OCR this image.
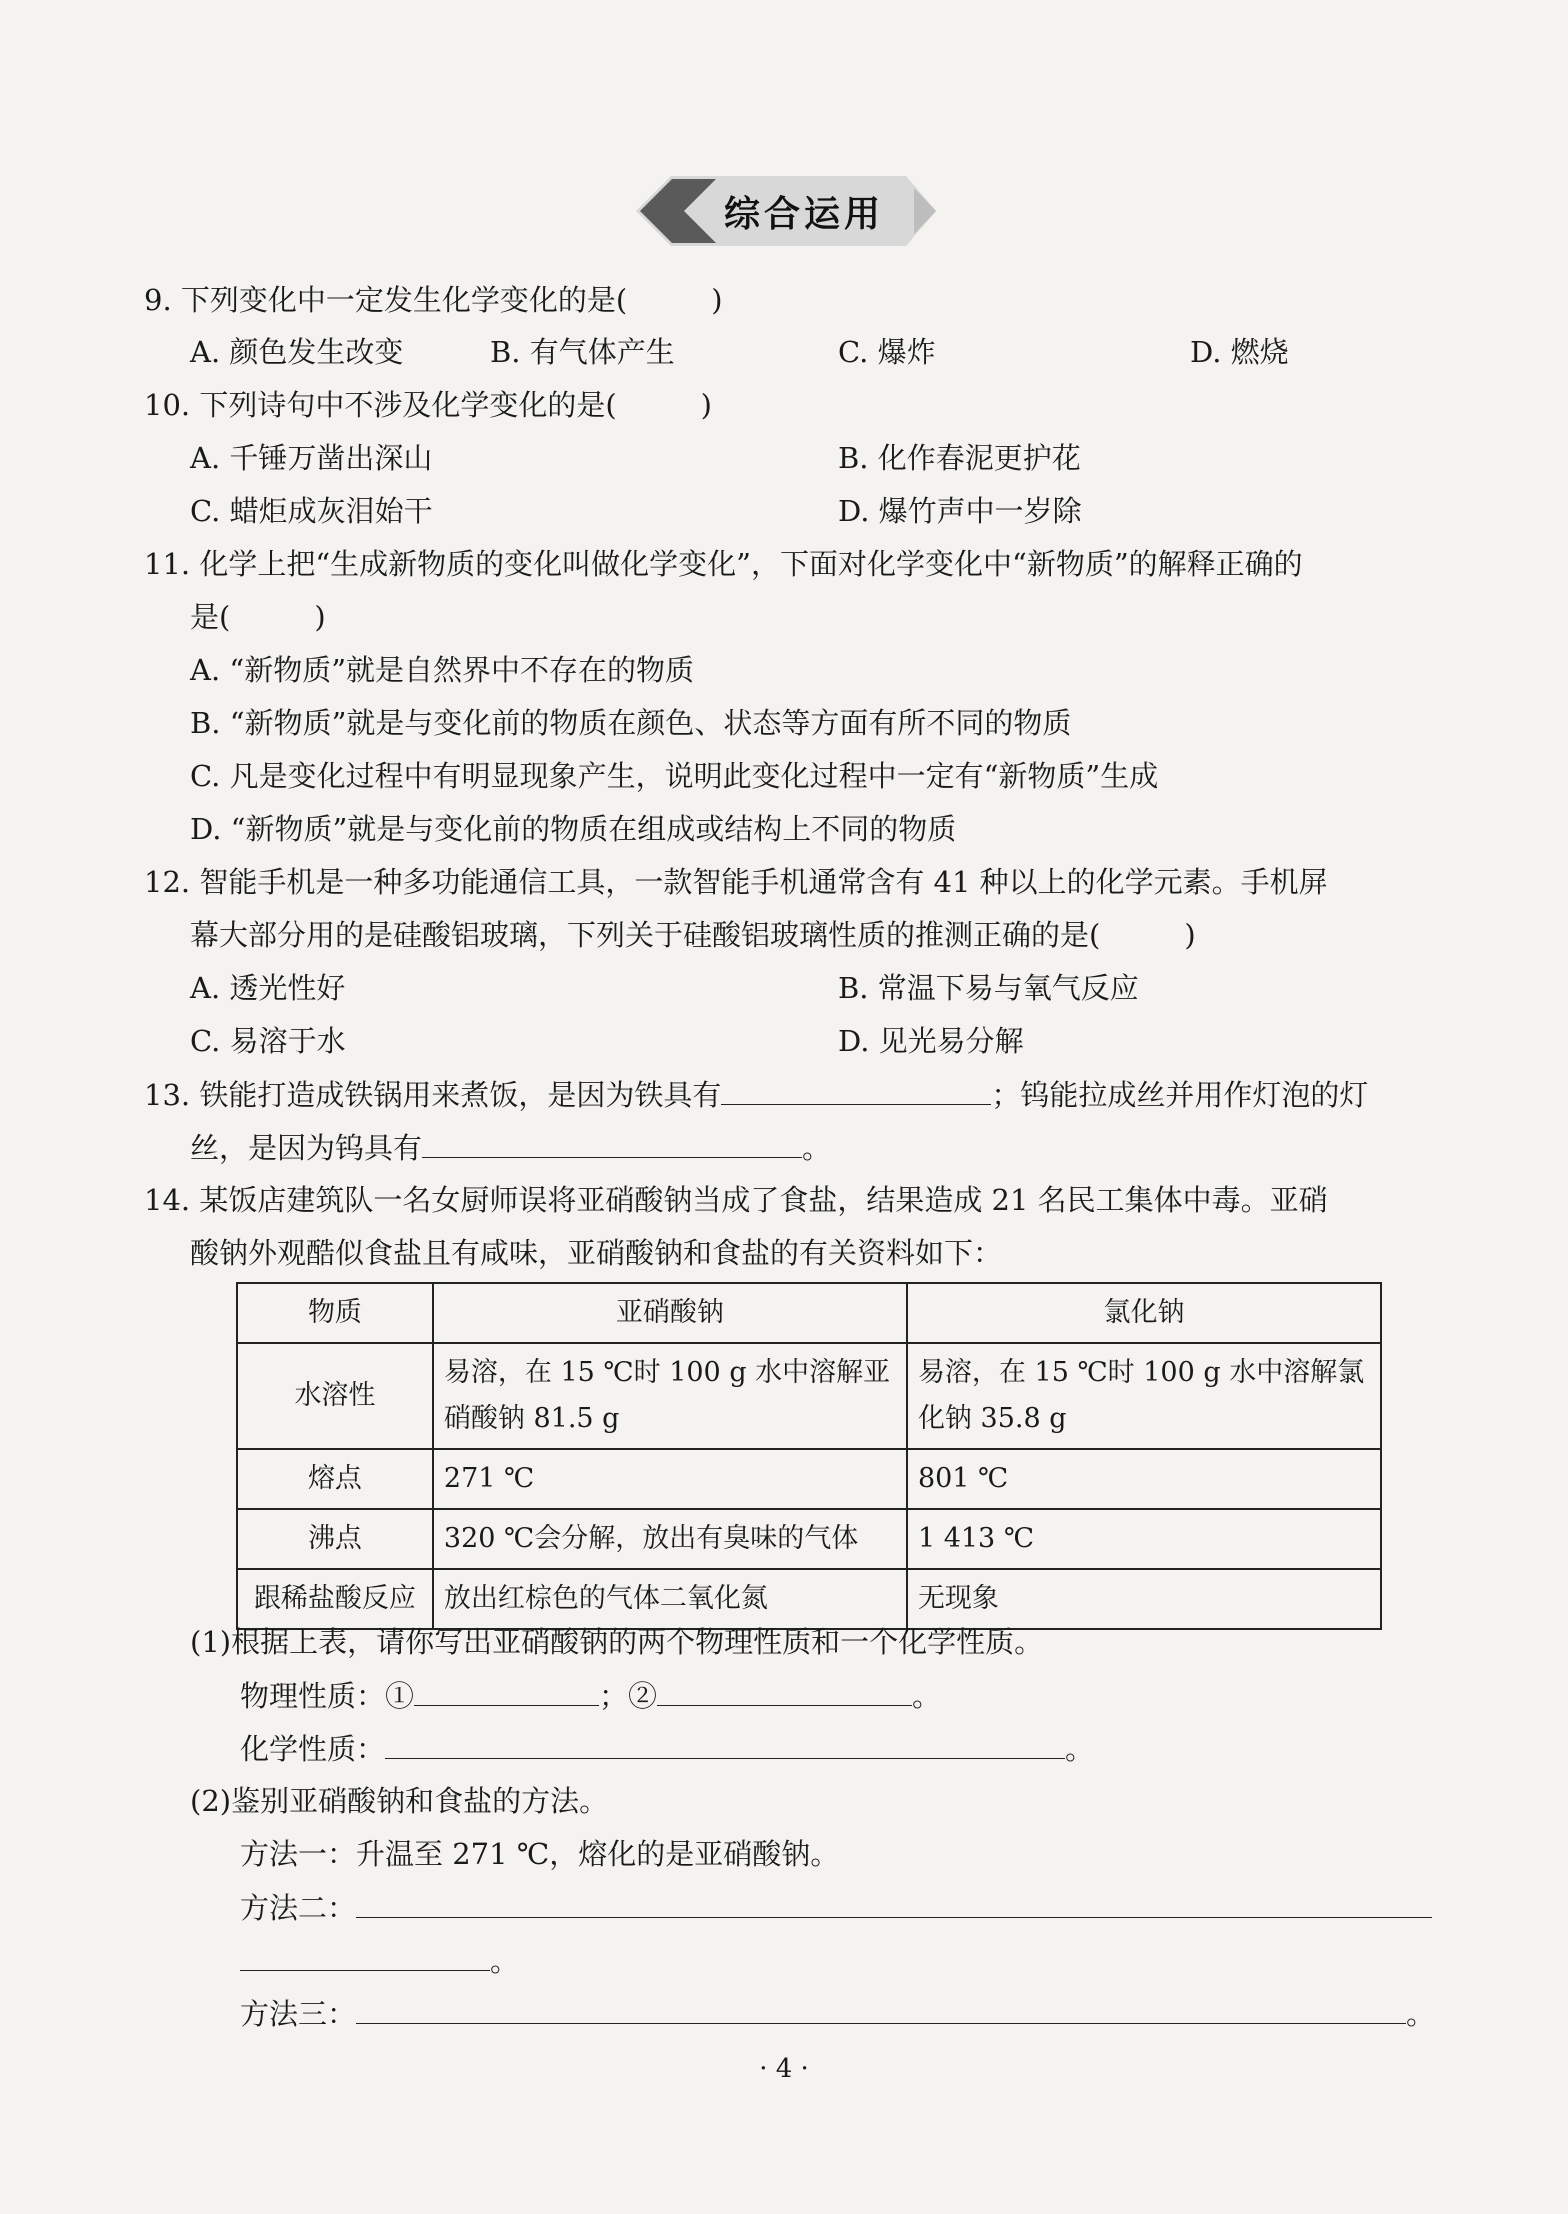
综合运用
9. 下列变化中一定发生化学变化的是(	)
A. 颜色发生改变	B. 有气体产生	C. 爆炸	D. 燃烧
10. 下列诗句中不涉及化学变化的是(	)
A. 千锤万凿出深山	B. 化作春泥更护花
C. 蜡炬成灰泪始干	D. 爆竹声中一岁除
11. 化学上把“生成新物质的变化叫做化学变化”，下面对化学变化中“新物质”的解释正确的
是(	)
A. “新物质”就是自然界中不存在的物质
B. “新物质”就是与变化前的物质在颜色、状态等方面有所不同的物质
C. 凡是变化过程中有明显现象产生，说明此变化过程中一定有“新物质”生成
D. “新物质”就是与变化前的物质在组成或结构上不同的物质
12. 智能手机是一种多功能通信工具，一款智能手机通常含有 41 种以上的化学元素。手机屏
幕大部分用的是硅酸铝玻璃，下列关于硅酸铝玻璃性质的推测正确的是(	)
A. 透光性好	B. 常温下易与氧气反应
C. 易溶于水	D. 见光易分解
13. 铁能打造成铁锅用来煮饭，是因为铁具有	；钨能拉成丝并用作灯泡的灯
丝，是因为钨具有	。
14. 某饭店建筑队一名女厨师误将亚硝酸钠当成了食盐，结果造成 21 名民工集体中毒。亚硝
酸钠外观酷似食盐且有咸味，亚硝酸钠和食盐的有关资料如下：
物质	亚硝酸钠	氯化钠
水溶性	易溶，在 15 ℃时 100 g 水中溶解亚硝酸钠 81.5 g	易溶，在 15 ℃时 100 g 水中溶解氯化钠 35.8 g
熔点	271 ℃	801 ℃
沸点	320 ℃会分解，放出有臭味的气体	1 413 ℃
跟稀盐酸反应	放出红棕色的气体二氧化氮	无现象
(1)根据上表，请你写出亚硝酸钠的两个物理性质和一个化学性质。
物理性质：①	；②	。
化学性质：	。
(2)鉴别亚硝酸钠和食盐的方法。
方法一：升温至 271 ℃，熔化的是亚硝酸钠。
方法二：
。
方法三：	。
· 4 ·
